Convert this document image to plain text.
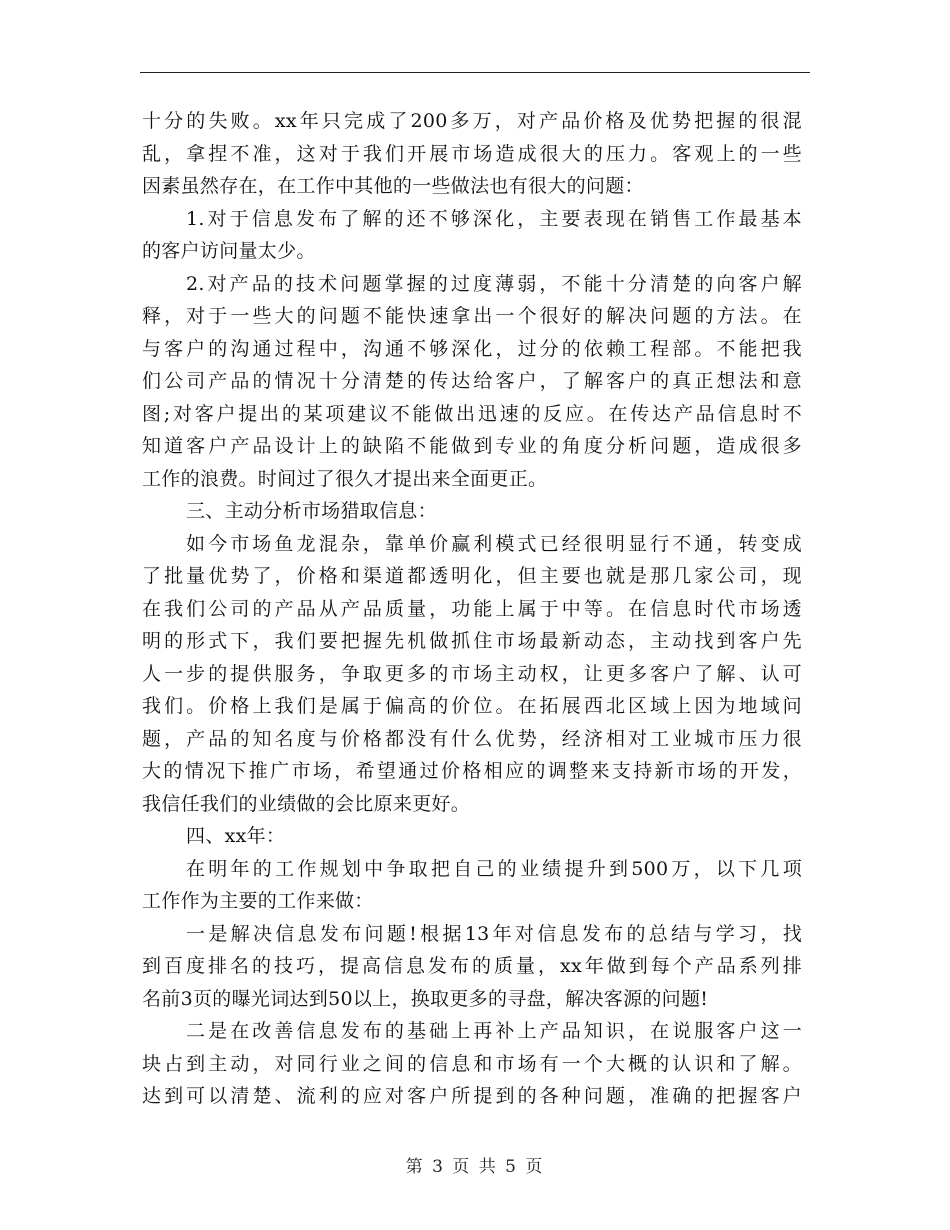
十分的失败。xx年只完成了200多万，对产品价格及优势把握的很混
乱，拿捏不准，这对于我们开展市场造成很大的压力。客观上的一些
因素虽然存在，在工作中其他的一些做法也有很大的问题：
1.对于信息发布了解的还不够深化，主要表现在销售工作最基本
的客户访问量太少。
2.对产品的技术问题掌握的过度薄弱，不能十分清楚的向客户解
释，对于一些大的问题不能快速拿出一个很好的解决问题的方法。在
与客户的沟通过程中，沟通不够深化，过分的依赖工程部。不能把我
们公司产品的情况十分清楚的传达给客户，了解客户的真正想法和意
图;对客户提出的某项建议不能做出迅速的反应。在传达产品信息时不
知道客户产品设计上的缺陷不能做到专业的角度分析问题，造成很多
工作的浪费。时间过了很久才提出来全面更正。
三、主动分析市场猎取信息：
如今市场鱼龙混杂，靠单价赢利模式已经很明显行不通，转变成
了批量优势了，价格和渠道都透明化，但主要也就是那几家公司，现
在我们公司的产品从产品质量，功能上属于中等。在信息时代市场透
明的形式下，我们要把握先机做抓住市场最新动态，主动找到客户先
人一步的提供服务，争取更多的市场主动权，让更多客户了解、认可
我们。价格上我们是属于偏高的价位。在拓展西北区域上因为地域问
题，产品的知名度与价格都没有什么优势，经济相对工业城市压力很
大的情况下推广市场，希望通过价格相应的调整来支持新市场的开发，
我信任我们的业绩做的会比原来更好。
四、xx年：
在明年的工作规划中争取把自己的业绩提升到500万，以下几项
工作作为主要的工作来做：
一是解决信息发布问题!根据13年对信息发布的总结与学习，找
到百度排名的技巧，提高信息发布的质量，xx年做到每个产品系列排
名前3页的曝光词达到50以上，换取更多的寻盘，解决客源的问题!
二是在改善信息发布的基础上再补上产品知识，在说服客户这一
块占到主动，对同行业之间的信息和市场有一个大概的认识和了解。
达到可以清楚、流利的应对客户所提到的各种问题，准确的把握客户
第 3 页 共 5 页
